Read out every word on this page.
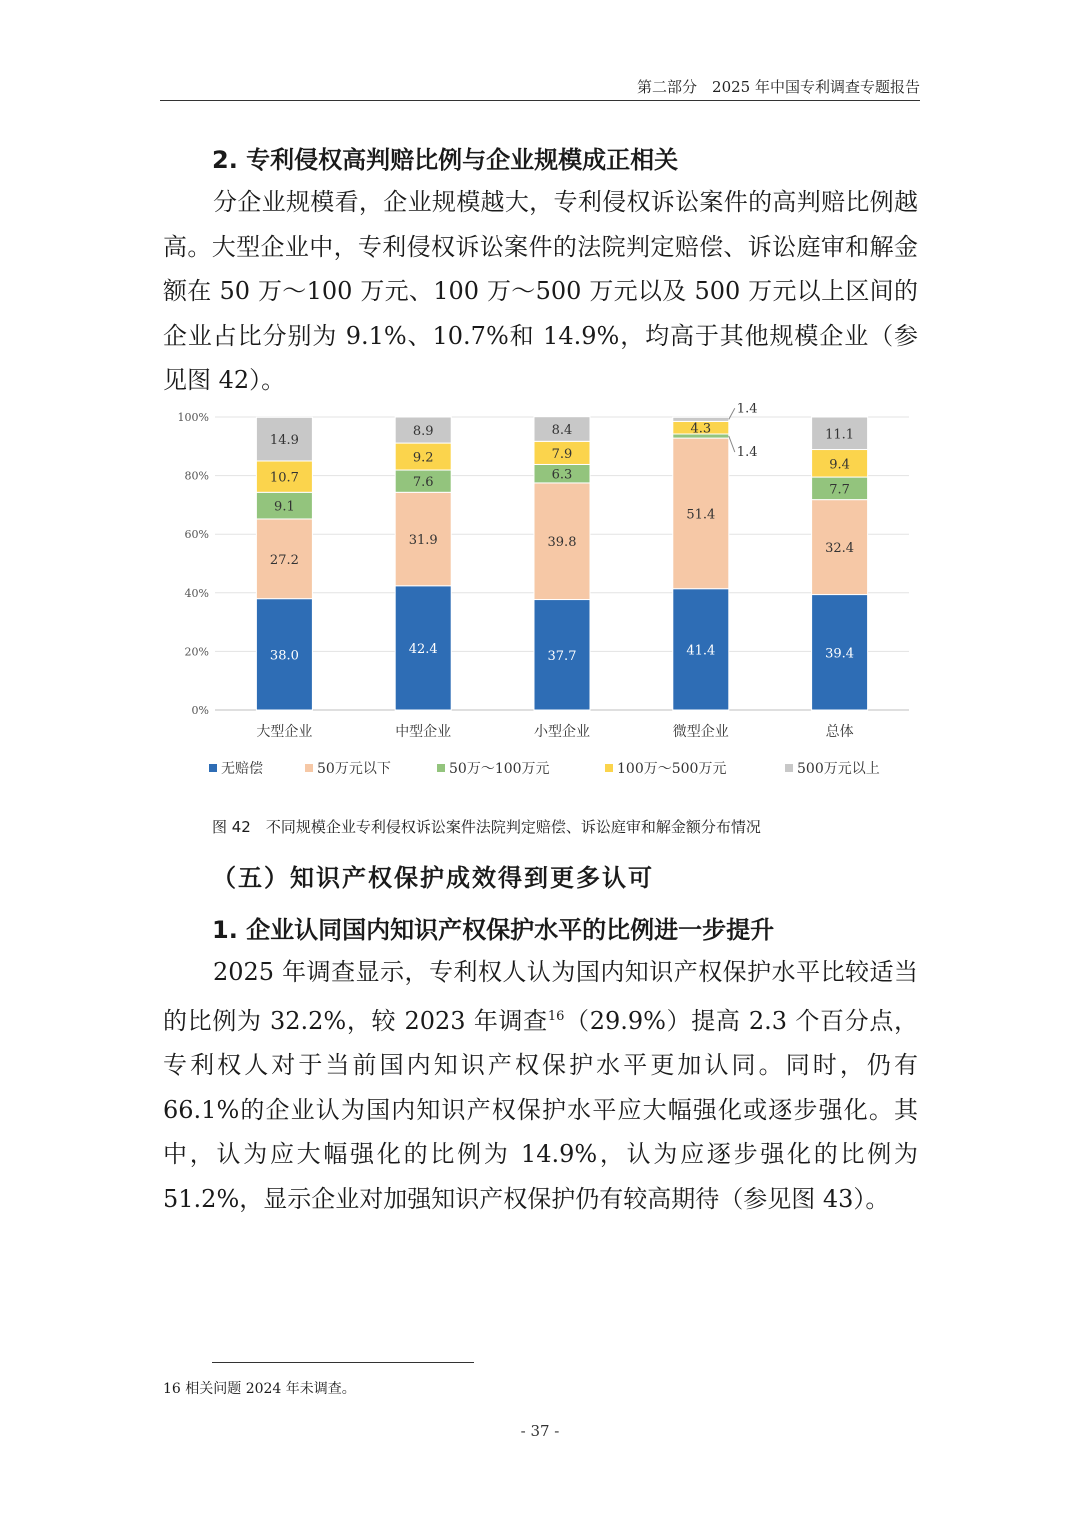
第二部分　2025 年中国专利调查专题报告
2. 专利侵权高判赔比例与企业规模成正相关

分企业规模看，企业规模越大，专利侵权诉讼案件的高判赔比例越高。大型企业中，专利侵权诉讼案件的法院判定赔偿、诉讼庭审和解金额在 50 万～100 万元、100 万～500 万元以及 500 万元以上区间的企业占比分别为 9.1%、10.7%和 14.9%，均高于其他规模企业（参见图 42）。

0%
20%
40%
60%
80%
100%
38.0
27.2
9.1
10.7
14.9
大型企业
42.4
31.9
7.6
9.2
8.9
中型企业
37.7
39.8
6.3
7.9
8.4
小型企业
41.4
51.4
1.4
4.3
1.4
微型企业
39.4
32.4
7.7
9.4
11.1
总体
无赔偿	50万元以下	50万～100万元	100万～500万元	500万元以上
图 42　不同规模企业专利侵权诉讼案件法院判定赔偿、诉讼庭审和解金额分布情况
（五）知识产权保护成效得到更多认可
1. 企业认同国内知识产权保护水平的比例进一步提升

2025 年调查显示，专利权人认为国内知识产权保护水平比较适当的比例为 32.2%，较 2023 年调查$^{16}$（29.9%）提高 2.3 个百分点，专利权人对于当前国内知识产权保护水平更加认同。同时，仍有 66.1%的企业认为国内知识产权保护水平应大幅强化或逐步强化。其中，认为应大幅强化的比例为 14.9%，认为应逐步强化的比例为 51.2%，显示企业对加强知识产权保护仍有较高期待（参见图 43）。

16 相关问题 2024 年未调查。
- 37 -
